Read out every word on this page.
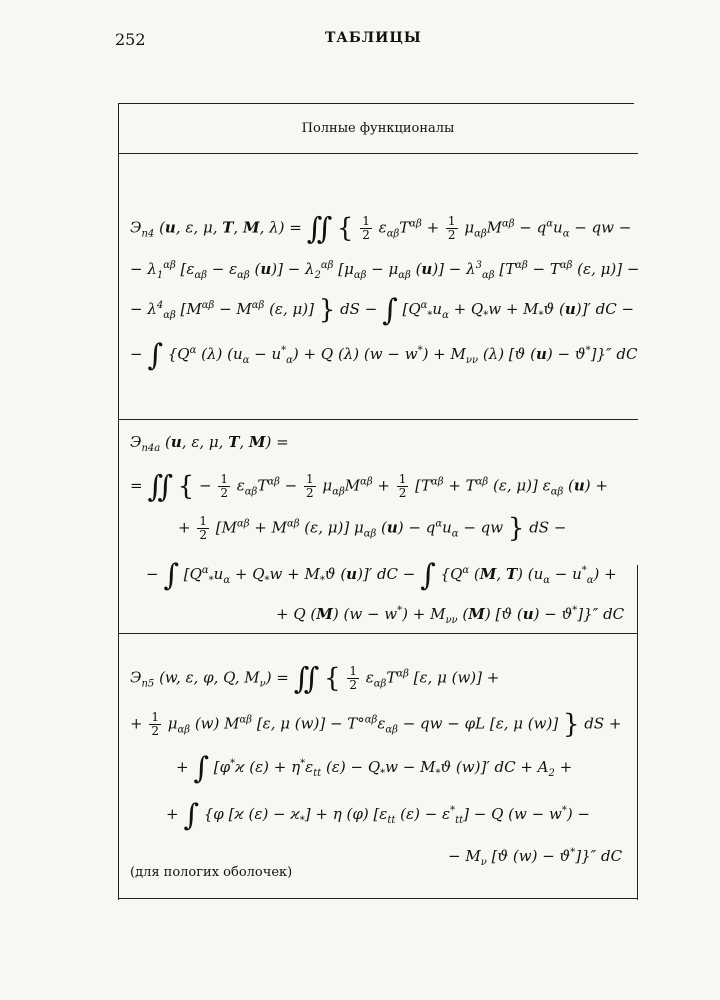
252	ТАБЛИЦЫ
Полные функционалы
$Э_{п4}$ (u, ε, μ, T, M, λ) = ∬ { $\frac{1}{2} \varepsilon_{\alpha\beta}T^{\alpha\beta} + \frac{1}{2} \mu_{\alpha\beta}M^{\alpha\beta} - q^\alpha u_\alpha$ − qw −
− $\lambda_1^{\alpha\beta}$ [$\varepsilon_{\alpha\beta} - \varepsilon_{\alpha\beta}$ $(u)] - \lambda_2^{\alpha\beta}$ [$\mu_{\alpha\beta} - \mu_{\alpha\beta}$ $(u)] - \lambda^3_{\alpha\beta}$ [$T^{\alpha\beta} - T^{\alpha\beta}$ (ε, μ)] −
− $\lambda^4_{\alpha\beta}$ [$M^{\alpha\beta} - M^{\alpha\beta}$ (ε, μ)] } dS − ∫ [$Q^\alpha_*u_\alpha + Q_*w + M_*ϑ$ (u)]′ dC −
− ∫ {$Q^\alpha$ (λ) $(u_\alpha - u^*_\alpha) + Q$ (λ) $(w - w^*) + M_{\nu\nu}$ (λ) [ϑ (u) − ϑ*]}″ dC
$Э_{п4а}$ (u, ε, μ, T, M) =
= ∬ { − $\frac{1}{2} \varepsilon_{\alpha\beta}T^{\alpha\beta} - \frac{1}{2} \mu_{\alpha\beta}M^{\alpha\beta} + \frac{1}{2} [T^{\alpha\beta} + T^{\alpha\beta}$ (ε, μ)] $\varepsilon_{\alpha\beta}$ (u) +
+ $\frac{1}{2} [M^{\alpha\beta} + M^{\alpha\beta}$ (ε, μ)] $\mu_{\alpha\beta}$ $(u) - q^\alpha u_\alpha$ − qw } dS −
− ∫ [$Q^\alpha_*u_\alpha + Q_*w + M_*ϑ$ (u)]′ dC − ∫ {$Q^\alpha$ (M, T) $(u_\alpha - u^*_\alpha)$ +
+ Q (M) $(w - w^*) + M_{\nu\nu}$ (M) [ϑ (u) − ϑ*]}″ dC
$Э_{п5}$ (w, ε, φ, Q, $M_\nu$) = ∬ { $\frac{1}{2} \varepsilon_{\alpha\beta}T^{\alpha\beta}$ [ε, μ (w)] +
+ $\frac{1}{2} \mu_{\alpha\beta}$ (w) $M^{\alpha\beta}$ [ε, μ $(w)] - T^\circ^{\alpha\beta}\varepsilon_{\alpha\beta}$ − qw − φL [ε, μ (w)] } dS +
+ ∫ [φ*ϰ $(\varepsilon) + \eta^*\varepsilon_{tt}$ $(\varepsilon) - Q_*w - M_*ϑ$ (w)]′ dC + $A_2$ +
+ ∫ {φ [ϰ $(\varepsilon) - ϰ_*] + \eta$ (φ) [$\varepsilon_{tt}$ $(\varepsilon) - \varepsilon^*_{tt}] - Q$ (w − w*) −
− $M_\nu$ [ϑ (w) − ϑ*]}″ dC
(для пологих оболочек)
